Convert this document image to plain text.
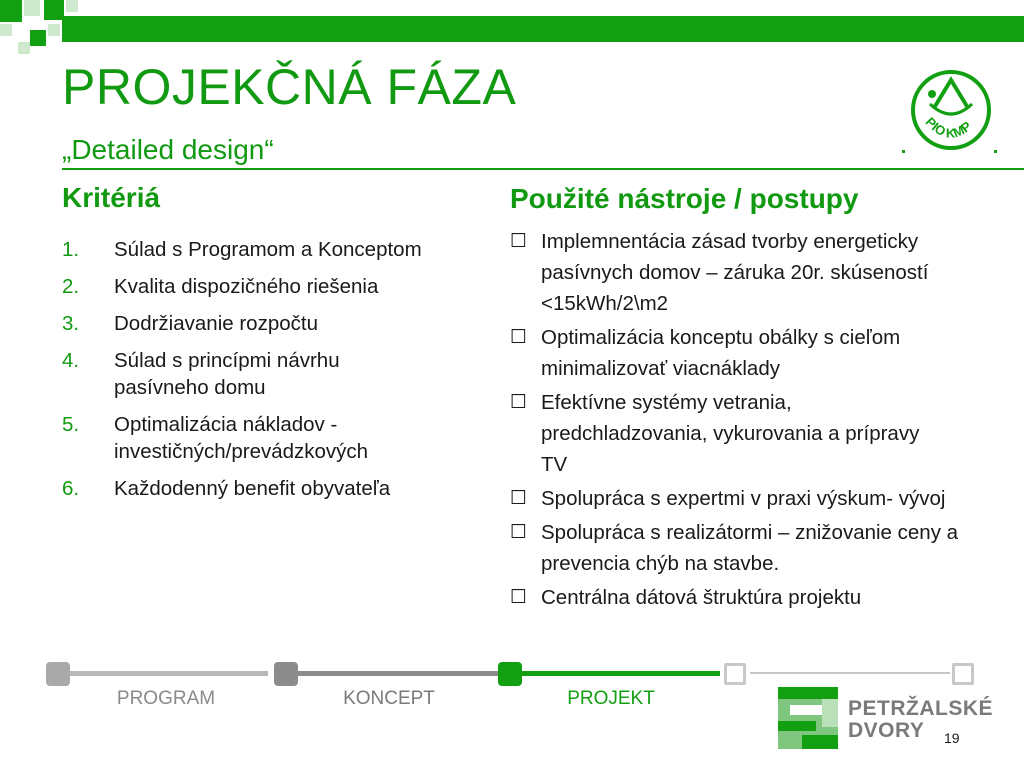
PROJEKČNÁ FÁZA
„Detailed design“
PIO KMP
Kritériá
1.	Súlad s Programom a Konceptom
2.	Kvalita dispozičného riešenia
3.	Dodržiavanie rozpočtu
4.	Súlad s princípmi návrhu pasívneho domu
5.	Optimalizácia nákladov - investičných/prevádzkových
6.	Každodenný benefit obyvateľa
Použité nástroje / postupy
☐ Implemnentácia zásad tvorby energeticky pasívnych domov – záruka 20r. skúseností <15kWh/2\m2
☐ Optimalizácia konceptu obálky s cieľom minimalizovať viacnáklady
☐ Efektívne systémy vetrania, predchladzovania, vykurovania a prípravy TV
☐ Spolupráca s expertmi v praxi výskum- vývoj
☐ Spolupráca s realizátormi – znižovanie ceny a prevencia chýb na stavbe.
☐ Centrálna dátová štruktúra projektu
PROGRAM	KONCEPT	PROJEKT	PETRŽALSKÉ
DVORY 19
